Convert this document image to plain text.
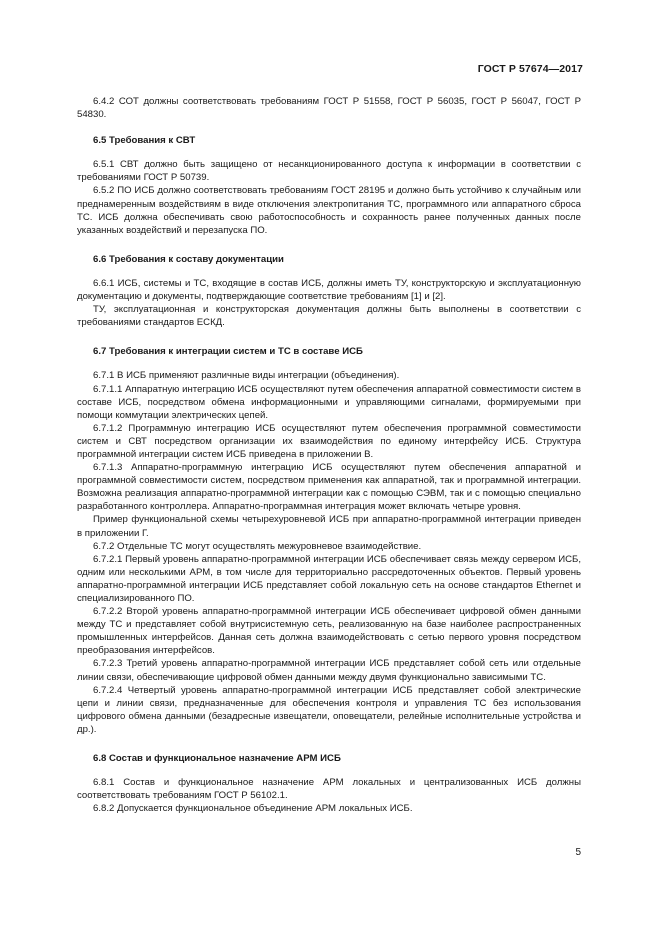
ГОСТ Р 57674—2017

6.4.2 СОТ должны соответствовать требованиям ГОСТ Р 51558, ГОСТ Р 56035, ГОСТ Р 56047, ГОСТ Р 54830.

6.5 Требования к СВТ

6.5.1 СВТ должно быть защищено от несанкционированного доступа к информации в соответствии с требованиями ГОСТ Р 50739.

6.5.2 ПО ИСБ должно соответствовать требованиям ГОСТ 28195 и должно быть устойчиво к случайным или преднамеренным воздействиям в виде отключения электропитания ТС, программного или аппаратного сброса ТС. ИСБ должна обеспечивать свою работоспособность и сохранность ранее полученных данных после указанных воздействий и перезапуска ПО.

6.6 Требования к составу документации

6.6.1 ИСБ, системы и ТС, входящие в состав ИСБ, должны иметь ТУ, конструкторскую и эксплуатационную документацию и документы, подтверждающие соответствие требованиям [1] и [2].

ТУ, эксплуатационная и конструкторская документация должны быть выполнены в соответствии с требованиями стандартов ЕСКД.

6.7 Требования к интеграции систем и ТС в составе ИСБ

6.7.1 В ИСБ применяют различные виды интеграции (объединения).

6.7.1.1 Аппаратную интеграцию ИСБ осуществляют путем обеспечения аппаратной совместимости систем в составе ИСБ, посредством обмена информационными и управляющими сигналами, формируемыми при помощи коммутации электрических цепей.

6.7.1.2 Программную интеграцию ИСБ осуществляют путем обеспечения программной совместимости систем и СВТ посредством организации их взаимодействия по единому интерфейсу ИСБ. Структура программной интеграции систем ИСБ приведена в приложении В.

6.7.1.3 Аппаратно-программную интеграцию ИСБ осуществляют путем обеспечения аппаратной и программной совместимости систем, посредством применения как аппаратной, так и программной интеграции. Возможна реализация аппаратно-программной интеграции как с помощью СЭВМ, так и с помощью специально разработанного контроллера. Аппаратно-программная интеграция может включать четыре уровня.

Пример функциональной схемы четырехуровневой ИСБ при аппаратно-программной интеграции приведен в приложении Г.

6.7.2 Отдельные ТС могут осуществлять межуровневое взаимодействие.

6.7.2.1 Первый уровень аппаратно-программной интеграции ИСБ обеспечивает связь между сервером ИСБ, одним или несколькими АРМ, в том числе для территориально рассредоточенных объектов. Первый уровень аппаратно-программной интеграции ИСБ представляет собой локальную сеть на основе стандартов Ethernet и специализированного ПО.

6.7.2.2 Второй уровень аппаратно-программной интеграции ИСБ обеспечивает цифровой обмен данными между ТС и представляет собой внутрисистемную сеть, реализованную на базе наиболее распространенных промышленных интерфейсов. Данная сеть должна взаимодействовать с сетью первого уровня посредством преобразования интерфейсов.

6.7.2.3 Третий уровень аппаратно-программной интеграции ИСБ представляет собой сеть или отдельные линии связи, обеспечивающие цифровой обмен данными между двумя функционально зависимыми ТС.

6.7.2.4 Четвертый уровень аппаратно-программной интеграции ИСБ представляет собой электрические цепи и линии связи, предназначенные для обеспечения контроля и управления ТС без использования цифрового обмена данными (безадресные извещатели, оповещатели, релейные исполнительные устройства и др.).

6.8 Состав и функциональное назначение АРМ ИСБ

6.8.1 Состав и функциональное назначение АРМ локальных и централизованных ИСБ должны соответствовать требованиям ГОСТ Р 56102.1.

6.8.2 Допускается функциональное объединение АРМ локальных ИСБ.

5
